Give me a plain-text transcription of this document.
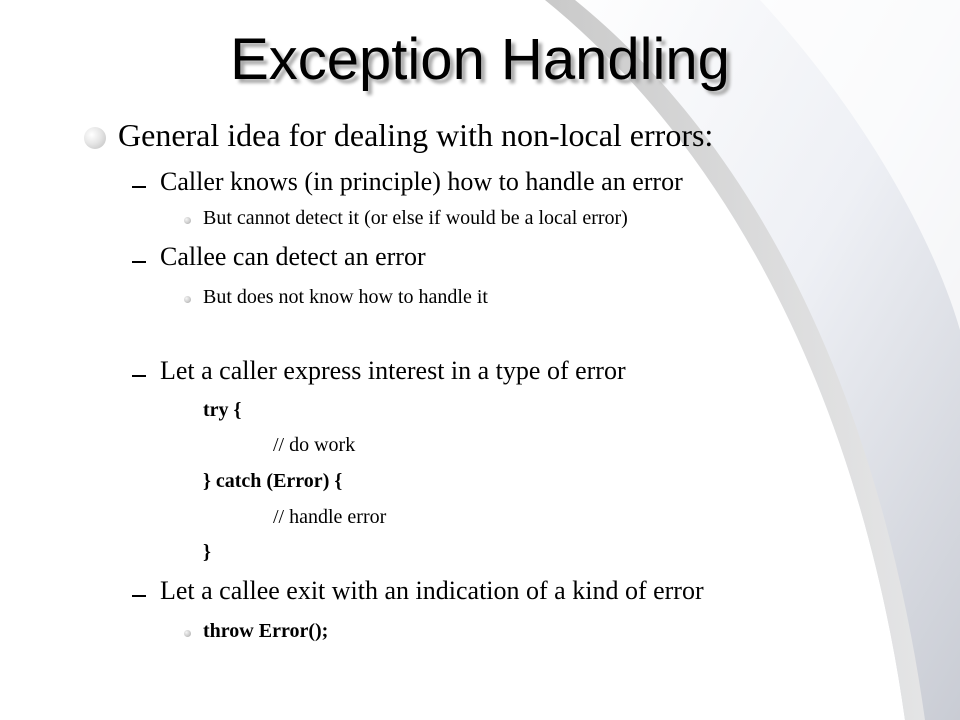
Exception Handling
General idea for dealing with non-local errors:
Caller knows (in principle) how to handle an error
But cannot detect it (or else if would be a local error)
Callee can detect an error
But does not know how to handle it
Let a caller express interest in a type of error
try {
// do work
} catch (Error) {
// handle error
}
Let a callee exit with an indication of a kind of error
throw Error();
